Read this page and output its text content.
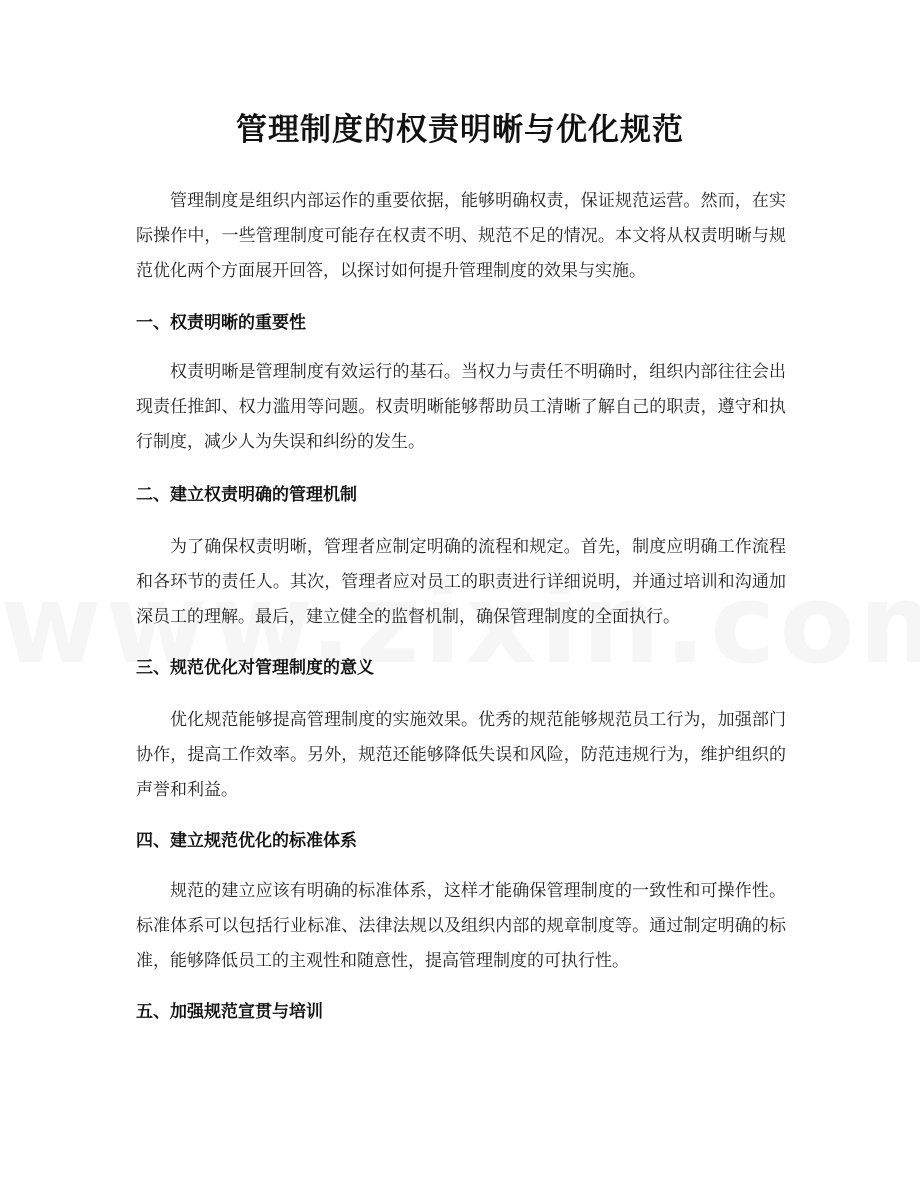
管理制度的权责明晰与优化规范
管理制度是组织内部运作的重要依据，能够明确权责，保证规范运营。然而，在实际操作中，一些管理制度可能存在权责不明、规范不足的情况。本文将从权责明晰与规范优化两个方面展开回答，以探讨如何提升管理制度的效果与实施。
一、权责明晰的重要性
权责明晰是管理制度有效运行的基石。当权力与责任不明确时，组织内部往往会出现责任推卸、权力滥用等问题。权责明晰能够帮助员工清晰了解自己的职责，遵守和执行制度，减少人为失误和纠纷的发生。
二、建立权责明确的管理机制
为了确保权责明晰，管理者应制定明确的流程和规定。首先，制度应明确工作流程和各环节的责任人。其次，管理者应对员工的职责进行详细说明，并通过培训和沟通加深员工的理解。最后，建立健全的监督机制，确保管理制度的全面执行。
三、规范优化对管理制度的意义
优化规范能够提高管理制度的实施效果。优秀的规范能够规范员工行为，加强部门协作，提高工作效率。另外，规范还能够降低失误和风险，防范违规行为，维护组织的声誉和利益。
四、建立规范优化的标准体系
规范的建立应该有明确的标准体系，这样才能确保管理制度的一致性和可操作性。标准体系可以包括行业标准、法律法规以及组织内部的规章制度等。通过制定明确的标准，能够降低员工的主观性和随意性，提高管理制度的可执行性。
五、加强规范宣贯与培训
